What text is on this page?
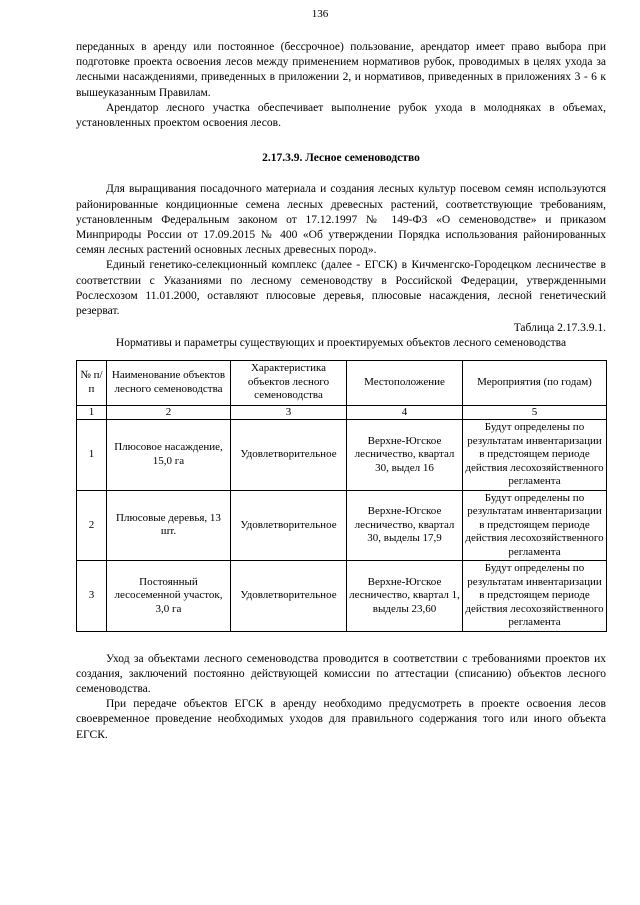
136

переданных в аренду или постоянное (бессрочное) пользование, арендатор имеет право выбора при подготовке проекта освоения лесов между применением нормативов рубок, проводимых в целях ухода за лесными насаждениями, приведенных в приложении 2, и нормативов, приведенных в приложениях 3 - 6 к вышеуказанным Правилам.

Арендатор лесного участка обеспечивает выполнение рубок ухода в молодняках в объемах, установленных проектом освоения лесов.

2.17.3.9. Лесное семеноводство

Для выращивания посадочного материала и создания лесных культур посевом семян используются районированные кондиционные семена лесных древесных растений, соответствующие требованиям, установленным Федеральным законом от 17.12.1997 № 149-ФЗ «О семеноводстве» и приказом Минприроды России от 17.09.2015 № 400 «Об утверждении Порядка использования районированных семян лесных растений основных лесных древесных пород».

Единый генетико-селекционный комплекс (далее - ЕГСК) в Кичменгско-Городецком лесничестве в соответствии с Указаниями по лесному семеноводству в Российской Федерации, утвержденными Рослесхозом 11.01.2000, оставляют плюсовые деревья, плюсовые насаждения, лесной генетический резерват.

Таблица 2.17.3.9.1.
Нормативы и параметры существующих и проектируемых объектов лесного семеноводства
№ п/п	Наименование объектов лесного семеноводства	Характеристика объектов лесного семеноводства	Местоположение	Мероприятия (по годам)
1	2	3	4	5
1	Плюсовое насаждение, 15,0 га	Удовлетворительное	Верхне-Югское лесничество, квартал 30, выдел 16	Будут определены по результатам инвентаризации в предстоящем периоде действия лесохозяйственного регламента
2	Плюсовые деревья, 13 шт.	Удовлетворительное	Верхне-Югское лесничество, квартал 30, выделы 17,9	Будут определены по результатам инвентаризации в предстоящем периоде действия лесохозяйственного регламента
3	Постоянный лесосеменной участок, 3,0 га	Удовлетворительное	Верхне-Югское лесничество, квартал 1, выделы 23,60	Будут определены по результатам инвентаризации в предстоящем периоде действия лесохозяйственного регламента

Уход за объектами лесного семеноводства проводится в соответствии с требованиями проектов их создания, заключений постоянно действующей комиссии по аттестации (списанию) объектов лесного семеноводства.

При передаче объектов ЕГСК в аренду необходимо предусмотреть в проекте освоения лесов своевременное проведение необходимых уходов для правильного содержания того или иного объекта ЕГСК.
